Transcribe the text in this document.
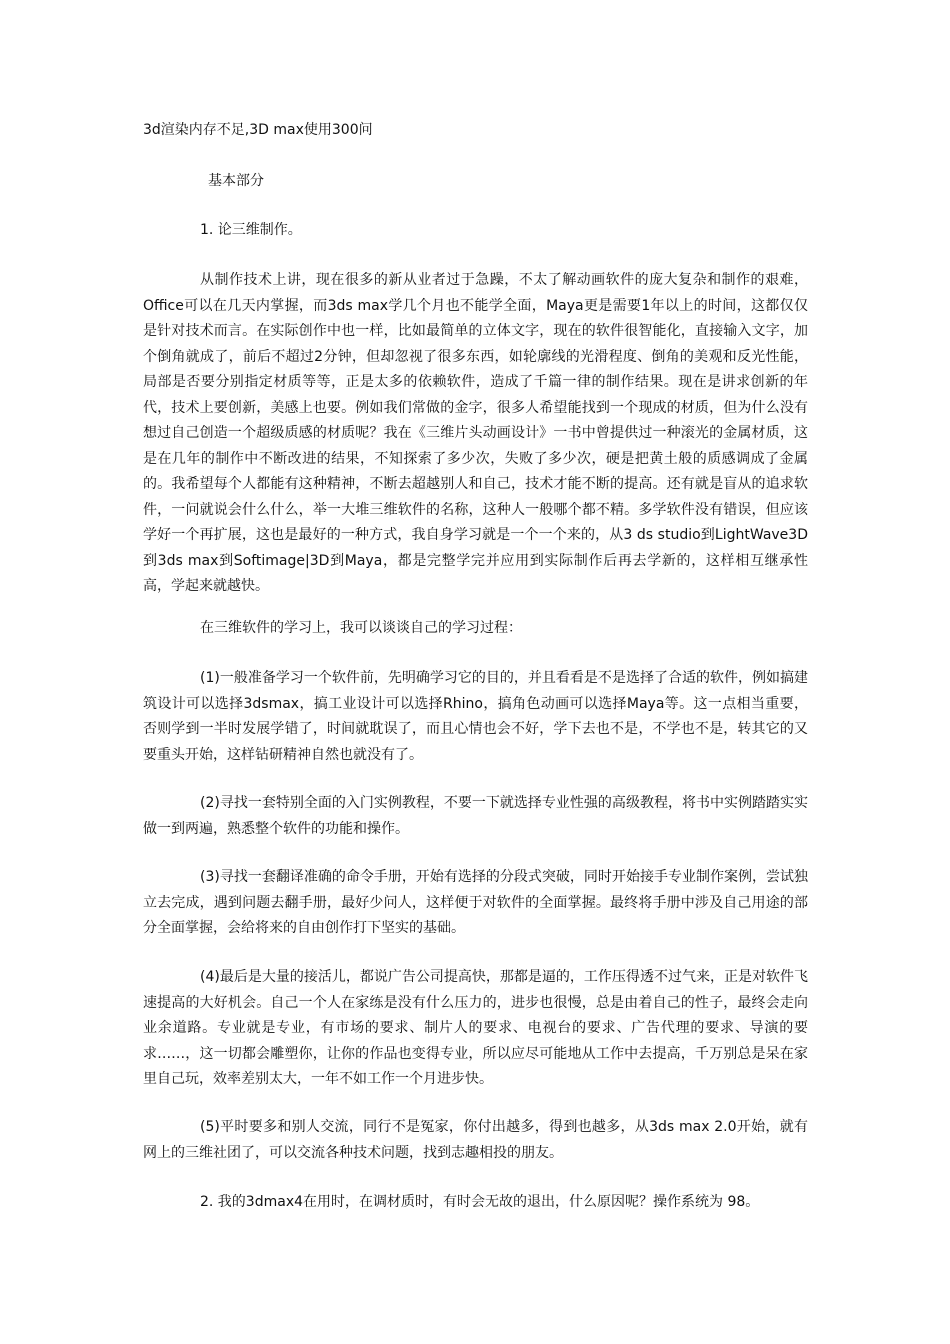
3d渲染内存不足,3D max使用300问
基本部分

1. 论三维制作。

从制作技术上讲，现在很多的新从业者过于急躁，不太了解动画软件的庞大复杂和制作的艰难，Office可以在几天内掌握，而3ds max学几个月也不能学全面，Maya更是需要1年以上的时间，这都仅仅是针对技术而言。在实际创作中也一样，比如最简单的立体文字，现在的软件很智能化，直接输入文字，加个倒角就成了，前后不超过2分钟，但却忽视了很多东西，如轮廓线的光滑程度、倒角的美观和反光性能，局部是否要分别指定材质等等，正是太多的依赖软件，造成了千篇一律的制作结果。现在是讲求创新的年代，技术上要创新，美感上也要。例如我们常做的金字，很多人希望能找到一个现成的材质，但为什么没有想过自己创造一个超级质感的材质呢？我在《三维片头动画设计》一书中曾提供过一种滚光的金属材质，这是在几年的制作中不断改进的结果，不知探索了多少次，失败了多少次，硬是把黄土般的质感调成了金属的。我希望每个人都能有这种精神，不断去超越别人和自己，技术才能不断的提高。还有就是盲从的追求软件，一问就说会什么什么，举一大堆三维软件的名称，这种人一般哪个都不精。多学软件没有错误，但应该学好一个再扩展，这也是最好的一种方式，我自身学习就是一个一个来的，从3 ds studio到LightWave3D到3ds max到Softimage|3D到Maya，都是完整学完并应用到实际制作后再去学新的，这样相互继承性高，学起来就越快。

在三维软件的学习上，我可以谈谈自己的学习过程：

(1)一般准备学习一个软件前，先明确学习它的目的，并且看看是不是选择了合适的软件，例如搞建筑设计可以选择3dsmax，搞工业设计可以选择Rhino，搞角色动画可以选择Maya等。这一点相当重要，否则学到一半时发展学错了，时间就耽误了，而且心情也会不好，学下去也不是，不学也不是，转其它的又要重头开始，这样钻研精神自然也就没有了。

(2)寻找一套特别全面的入门实例教程，不要一下就选择专业性强的高级教程，将书中实例踏踏实实做一到两遍，熟悉整个软件的功能和操作。

(3)寻找一套翻译准确的命令手册，开始有选择的分段式突破，同时开始接手专业制作案例，尝试独立去完成，遇到问题去翻手册，最好少问人，这样便于对软件的全面掌握。最终将手册中涉及自己用途的部分全面掌握，会给将来的自由创作打下坚实的基础。

(4)最后是大量的接活儿，都说广告公司提高快，那都是逼的，工作压得透不过气来，正是对软件飞速提高的大好机会。自己一个人在家练是没有什么压力的，进步也很慢，总是由着自己的性子，最终会走向业余道路。专业就是专业，有市场的要求、制片人的要求、电视台的要求、广告代理的要求、导演的要求……，这一切都会雕塑你，让你的作品也变得专业，所以应尽可能地从工作中去提高，千万别总是呆在家里自己玩，效率差别太大，一年不如工作一个月进步快。

(5)平时要多和别人交流，同行不是冤家，你付出越多，得到也越多，从3ds max 2.0开始，就有网上的三维社团了，可以交流各种技术问题，找到志趣相投的朋友。

2. 我的3dmax4在用时，在调材质时，有时会无故的退出，什么原因呢？操作系统为 98。
